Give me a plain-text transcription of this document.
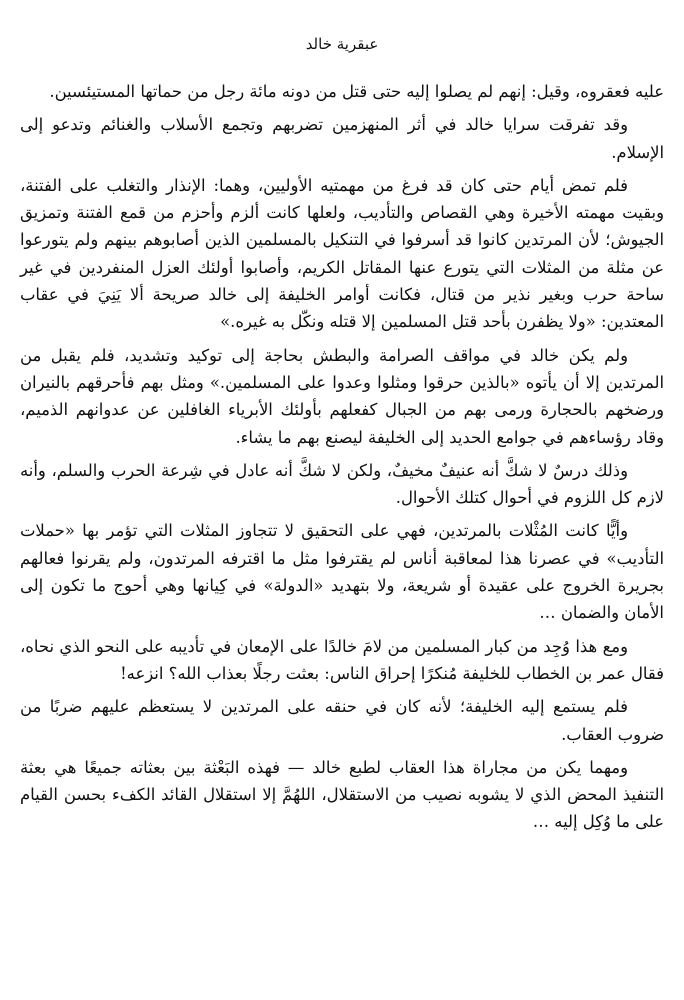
عبقرية خالد

عليه فعقروه، وقيل: إنهم لم يصلوا إليه حتى قتل من دونه مائة رجل من حماتها المستيئسين.

وقد تفرقت سرايا خالد في أثر المنهزمين تضربهم وتجمع الأسلاب والغنائم وتدعو إلى الإسلام.

فلم تمض أيام حتى كان قد فرغ من مهمتيه الأوليين، وهما: الإنذار والتغلب على الفتنة، وبقيت مهمته الأخيرة وهي القصاص والتأديب، ولعلها كانت ألزم وأحزم من قمع الفتنة وتمزيق الجيوش؛ لأن المرتدين كانوا قد أسرفوا في التنكيل بالمسلمين الذين أصابوهم بينهم ولم يتورعوا عن مثلة من المثلات التي يتورع عنها المقاتل الكريم، وأصابوا أولئك العزل المنفردين في غير ساحة حرب وبغير نذير من قتال، فكانت أوامر الخليفة إلى خالد صريحة ألا يَنِيَ في عقاب المعتدين: «ولا يظفرن بأحد قتل المسلمين إلا قتله ونكّل به غيره.»

ولم يكن خالد في مواقف الصرامة والبطش بحاجة إلى توكيد وتشديد، فلم يقبل من المرتدين إلا أن يأتوه «بالذين حرقوا ومثلوا وعدوا على المسلمين.» ومثل بهم فأحرقهم بالنيران ورضخهم بالحجارة ورمى بهم من الجبال كفعلهم بأولئك الأبرياء الغافلين عن عدوانهم الذميم، وقاد رؤساءهم في جوامع الحديد إلى الخليفة ليصنع بهم ما يشاء.

وذلك درسٌ لا شكَّ أنه عنيفٌ مخيفٌ، ولكن لا شكَّ أنه عادل في شِرعة الحرب والسلم، وأنه لازم كل اللزوم في أحوال كتلك الأحوال.

وأيًّا كانت المُثْلات بالمرتدين، فهي على التحقيق لا تتجاوز المثلات التي تؤمر بها «حملات التأديب» في عصرنا هذا لمعاقبة أناس لم يقترفوا مثل ما اقترفه المرتدون، ولم يقرنوا فعالهم بجريرة الخروج على عقيدة أو شريعة، ولا بتهديد «الدولة» في كِيانها وهي أحوج ما تكون إلى الأمان والضمان …

ومع هذا وُجِد من كبار المسلمين من لامَ خالدًا على الإمعان في تأديبه على النحو الذي نحاه، فقال عمر بن الخطاب للخليفة مُنكرًا إحراق الناس: بعثت رجلًا بعذاب الله؟ انزعه!

فلم يستمع إليه الخليفة؛ لأنه كان في حنقه على المرتدين لا يستعظم عليهم ضربًا من ضروب العقاب.

ومهما يكن من مجاراة هذا العقاب لطبع خالد — فهذه البَعْثة بين بعثاته جميعًا هي بعثة التنفيذ المحض الذي لا يشوبه نصيب من الاستقلال، اللهُمَّ إلا استقلال القائد الكفء بحسن القيام على ما وُكِل إليه …
